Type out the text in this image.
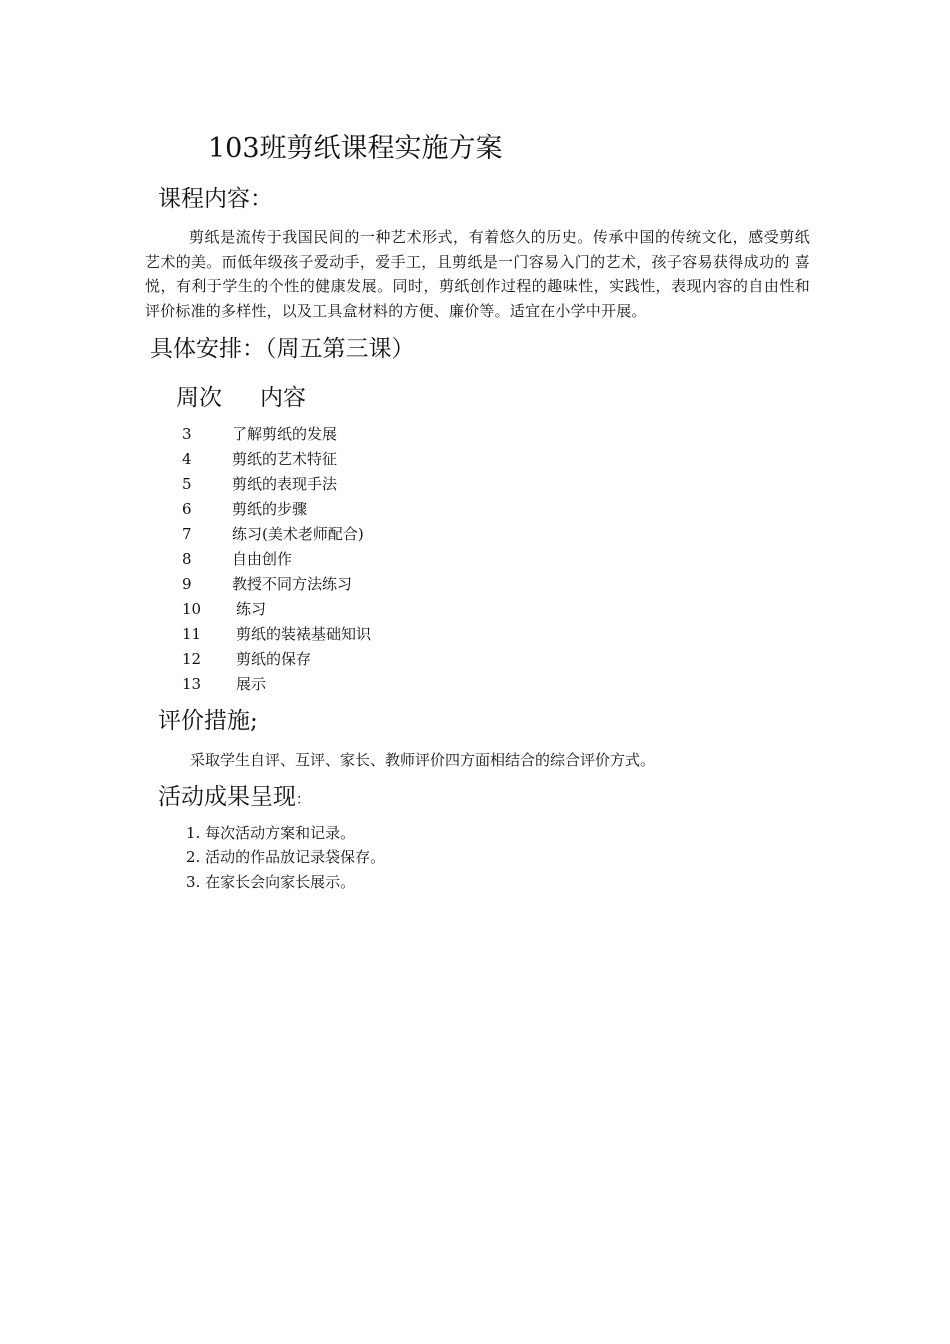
103班剪纸课程实施方案
课程内容：
剪纸是流传于我国民间的一种艺术形式，有着悠久的历史。传承中国的传统文化，感受剪纸艺术的美。而低年级孩子爱动手，爱手工，且剪纸是一门容易入门的艺术，孩子容易获得成功的 喜悦，有利于学生的个性的健康发展。同时，剪纸创作过程的趣味性，实践性，表现内容的自由性和评价标准的多样性，以及工具盒材料的方便、廉价等。适宜在小学中开展。
具体安排：（周五第三课）
周次 内容
3	了解剪纸的发展
4	剪纸的艺术特征
5	剪纸的表现手法
6	剪纸的步骤
7	练习(美术老师配合)
8	自由创作
9	教授不同方法练习
10 练习
11 剪纸的装裱基础知识
12 剪纸的保存
13 展示
评价措施;
采取学生自评、互评、家长、教师评价四方面相结合的综合评价方式。
活动成果呈现：
1. 每次活动方案和记录。
2. 活动的作品放记录袋保存。
3. 在家长会向家长展示。
